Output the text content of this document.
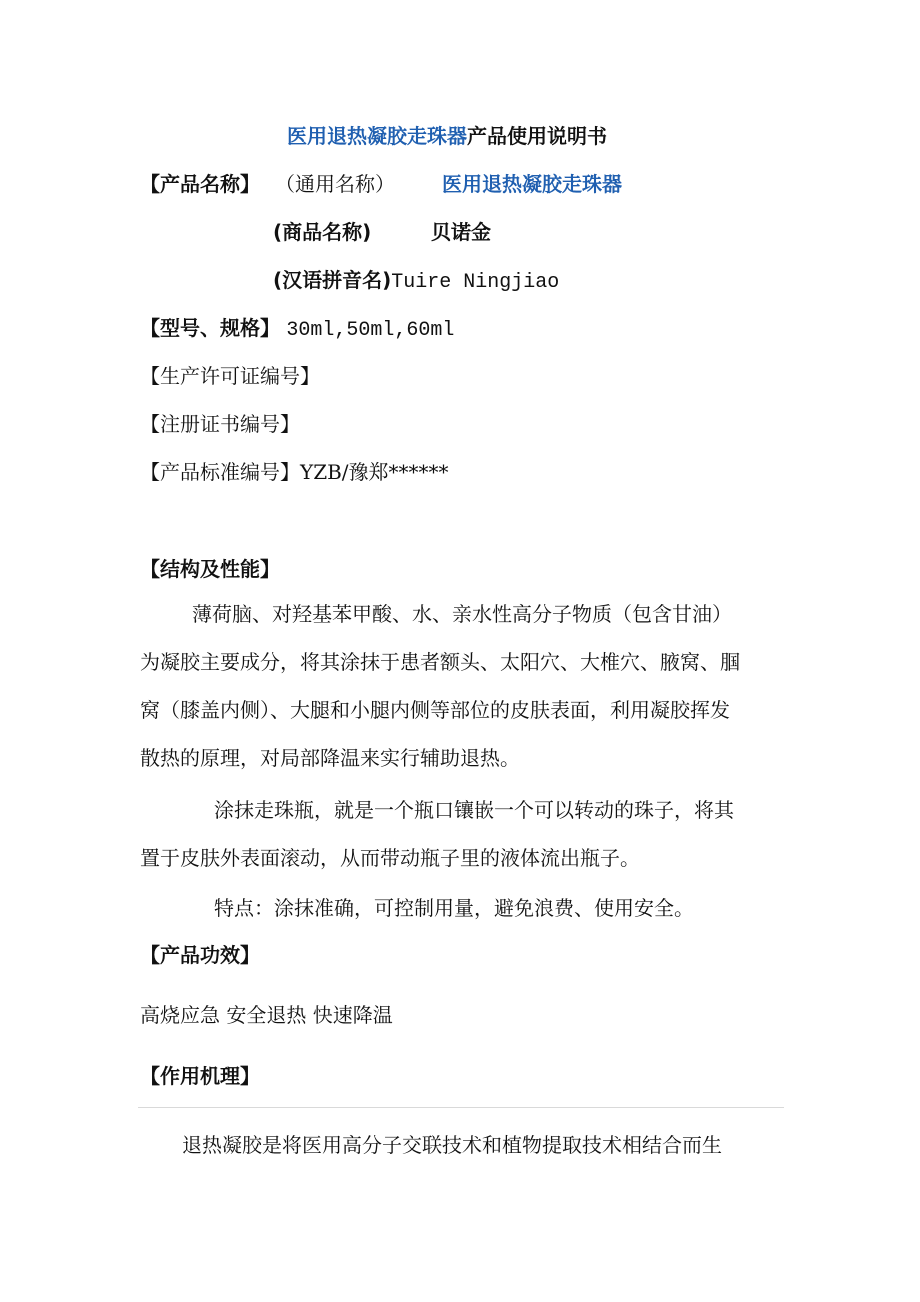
医用退热凝胶走珠器产品使用说明书
【产品名称】 （通用名称） 医用退热凝胶走珠器
(商品名称)	贝诺金
(汉语拼音名)Tuire Ningjiao
【型号、规格】 30ml,50ml,60ml
【生产许可证编号】
【注册证书编号】
【产品标准编号】YZB/豫郑******
【结构及性能】
薄荷脑、对羟基苯甲酸、水、亲水性高分子物质（包含甘油）
为凝胶主要成分，将其涂抹于患者额头、太阳穴、大椎穴、腋窝、腘
窝（膝盖内侧）、大腿和小腿内侧等部位的皮肤表面，利用凝胶挥发
散热的原理，对局部降温来实行辅助退热。
涂抹走珠瓶，就是一个瓶口镶嵌一个可以转动的珠子，将其
置于皮肤外表面滚动，从而带动瓶子里的液体流出瓶子。
特点：涂抹准确，可控制用量，避免浪费、使用安全。
【产品功效】
高烧应急 安全退热 快速降温
【作用机理】
退热凝胶是将医用高分子交联技术和植物提取技术相结合而生
